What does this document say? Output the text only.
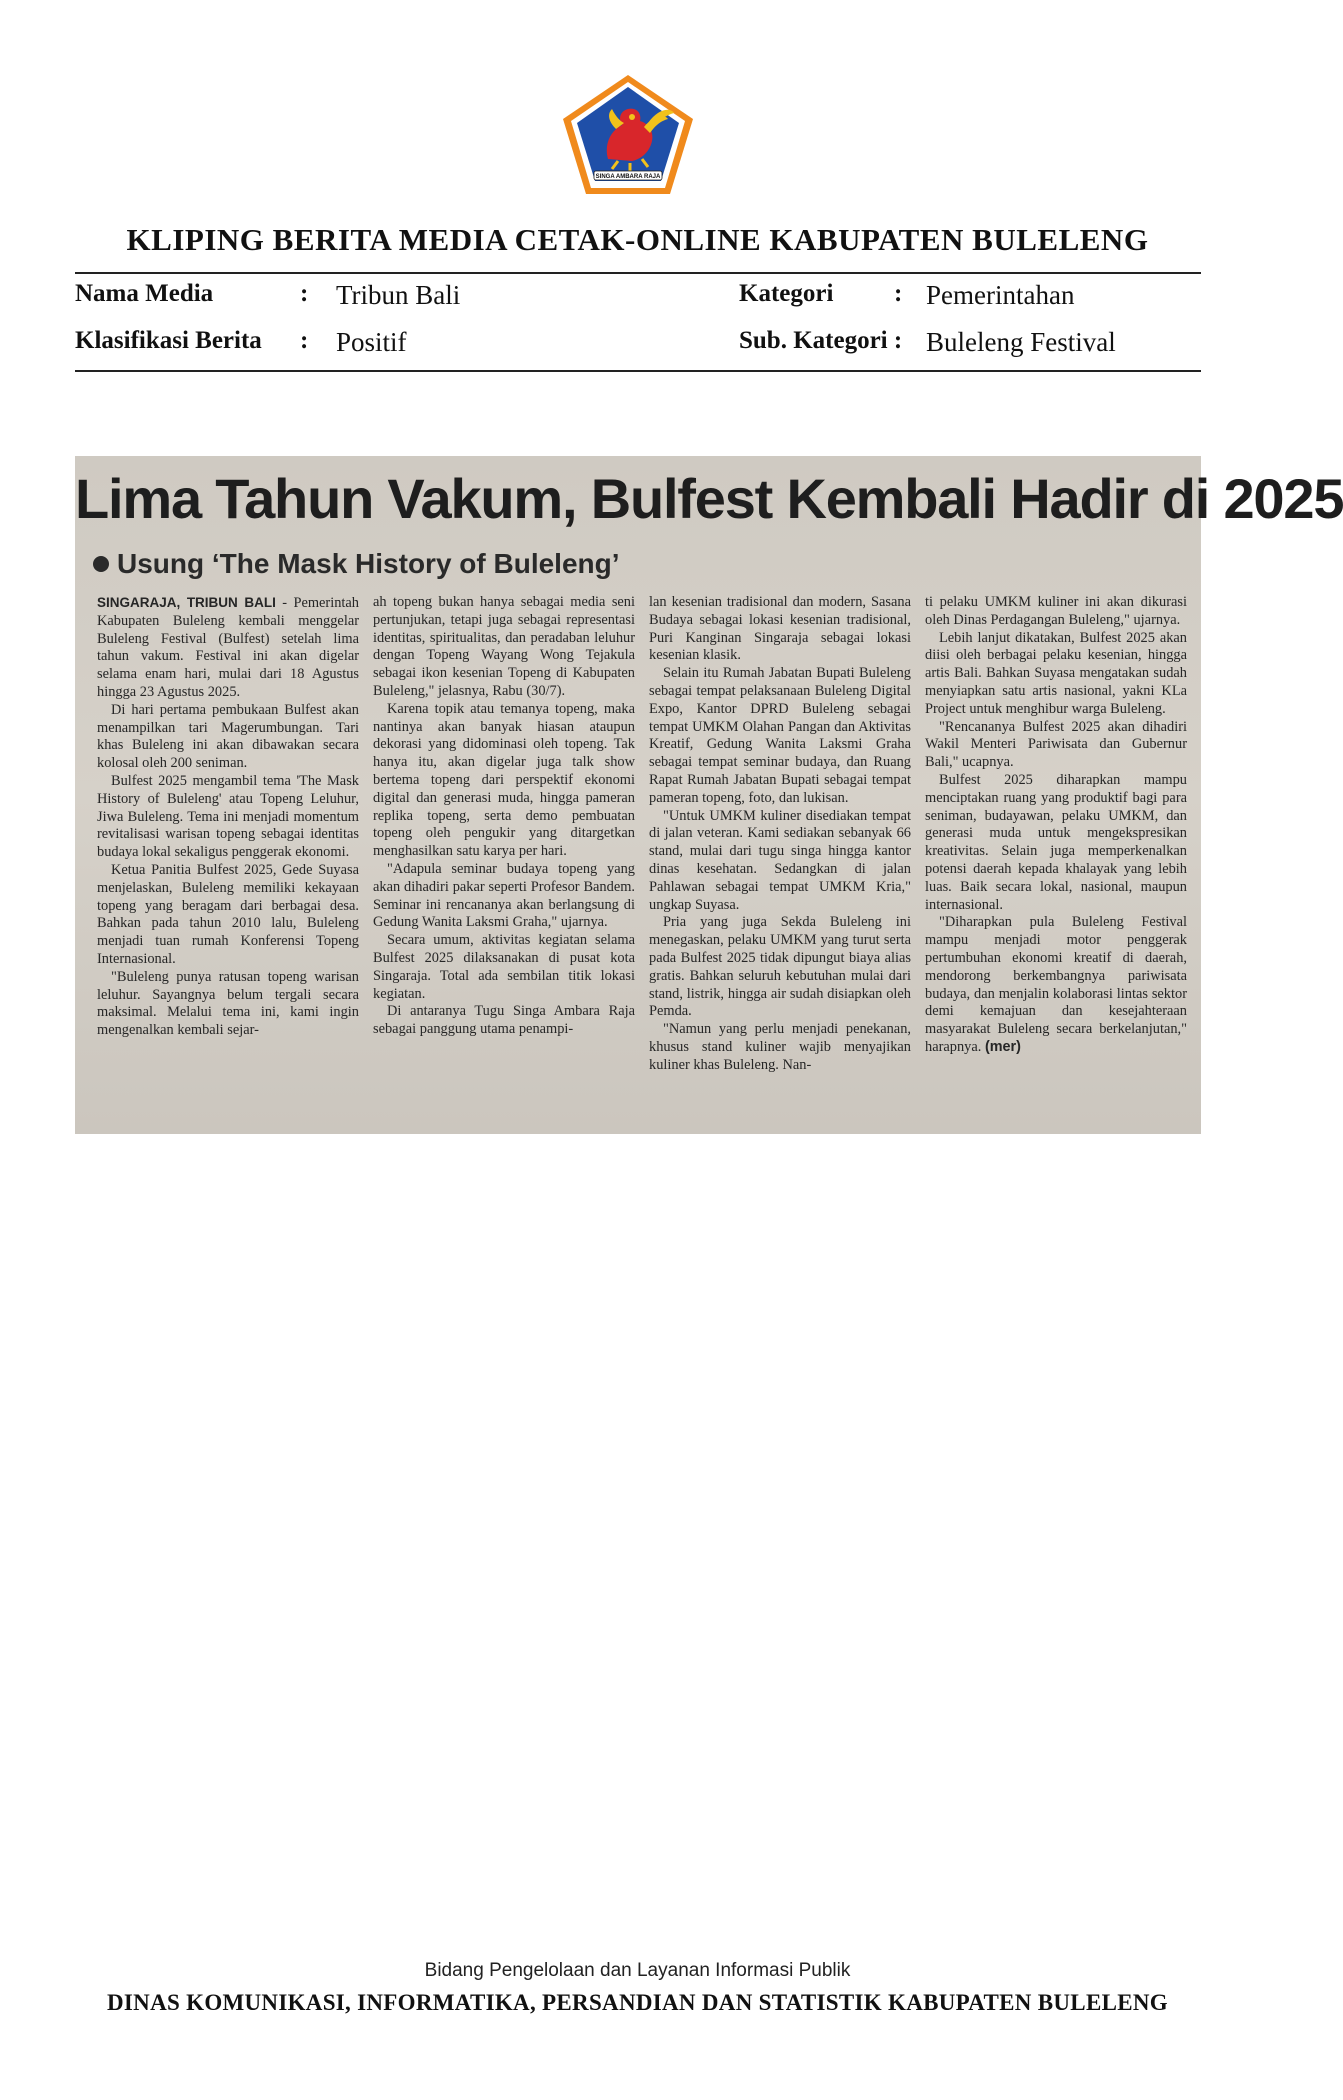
SINGA AMBARA RAJA
KLIPING BERITA MEDIA CETAK-ONLINE KABUPATEN BULELENG
Nama Media	: Tribun Bali
Klasifikasi Berita : Positif
Kategori : Pemerintahan
Sub. Kategori : Buleleng Festival
Lima Tahun Vakum, Bulfest Kembali Hadir di 2025
Usung ‘The Mask History of Buleleng’

SINGARAJA, TRIBUN BALI - Pemerintah Kabupaten Buleleng kembali menggelar Buleleng Festival (Bulfest) setelah lima tahun vakum. Festival ini akan digelar selama enam hari, mulai dari 18 Agustus hingga 23 Agustus 2025.

Di hari pertama pembukaan Bulfest akan menampilkan tari Magerumbungan. Tari khas Buleleng ini akan dibawakan secara kolosal oleh 200 seniman.

Bulfest 2025 mengambil tema 'The Mask History of Buleleng' atau Topeng Leluhur, Jiwa Buleleng. Tema ini menjadi momentum revitalisasi warisan topeng sebagai identitas budaya lokal sekaligus penggerak ekonomi.

Ketua Panitia Bulfest 2025, Gede Suyasa menjelaskan, Buleleng memiliki kekayaan topeng yang beragam dari berbagai desa. Bahkan pada tahun 2010 lalu, Buleleng menjadi tuan rumah Konferensi Topeng Internasional.

"Buleleng punya ratusan topeng warisan leluhur. Sayangnya belum tergali secara maksimal. Melalui tema ini, kami ingin mengenalkan kembali sejar-

ah topeng bukan hanya sebagai media seni pertunjukan, tetapi juga sebagai representasi identitas, spiritualitas, dan peradaban leluhur dengan Topeng Wayang Wong Tejakula sebagai ikon kesenian Topeng di Kabupaten Buleleng," jelasnya, Rabu (30/7).

Karena topik atau temanya topeng, maka nantinya akan banyak hiasan ataupun dekorasi yang didominasi oleh topeng. Tak hanya itu, akan digelar juga talk show bertema topeng dari perspektif ekonomi digital dan generasi muda, hingga pameran replika topeng, serta demo pembuatan topeng oleh pengukir yang ditargetkan menghasilkan satu karya per hari.

"Adapula seminar budaya topeng yang akan dihadiri pakar seperti Profesor Bandem. Seminar ini rencananya akan berlangsung di Gedung Wanita Laksmi Graha," ujarnya.

Secara umum, aktivitas kegiatan selama Bulfest 2025 dilaksanakan di pusat kota Singaraja. Total ada sembilan titik lokasi kegiatan.

Di antaranya Tugu Singa Ambara Raja sebagai panggung utama penampi-

lan kesenian tradisional dan modern, Sasana Budaya sebagai lokasi kesenian tradisional, Puri Kanginan Singaraja sebagai lokasi kesenian klasik.

Selain itu Rumah Jabatan Bupati Buleleng sebagai tempat pelaksanaan Buleleng Digital Expo, Kantor DPRD Buleleng sebagai tempat UMKM Olahan Pangan dan Aktivitas Kreatif, Gedung Wanita Laksmi Graha sebagai tempat seminar budaya, dan Ruang Rapat Rumah Jabatan Bupati sebagai tempat pameran topeng, foto, dan lukisan.

"Untuk UMKM kuliner disediakan tempat di jalan veteran. Kami sediakan sebanyak 66 stand, mulai dari tugu singa hingga kantor dinas kesehatan. Sedangkan di jalan Pahlawan sebagai tempat UMKM Kria," ungkap Suyasa.

Pria yang juga Sekda Buleleng ini menegaskan, pelaku UMKM yang turut serta pada Bulfest 2025 tidak dipungut biaya alias gratis. Bahkan seluruh kebutuhan mulai dari stand, listrik, hingga air sudah disiapkan oleh Pemda.

"Namun yang perlu menjadi penekanan, khusus stand kuliner wajib menyajikan kuliner khas Buleleng. Nan-

ti pelaku UMKM kuliner ini akan dikurasi oleh Dinas Perdagangan Buleleng," ujarnya.

Lebih lanjut dikatakan, Bulfest 2025 akan diisi oleh berbagai pelaku kesenian, hingga artis Bali. Bahkan Suyasa mengatakan sudah menyiapkan satu artis nasional, yakni KLa Project untuk menghibur warga Buleleng.

"Rencananya Bulfest 2025 akan dihadiri Wakil Menteri Pariwisata dan Gubernur Bali," ucapnya.

Bulfest 2025 diharapkan mampu menciptakan ruang yang produktif bagi para seniman, budayawan, pelaku UMKM, dan generasi muda untuk mengekspresikan kreativitas. Selain juga memperkenalkan potensi daerah kepada khalayak yang lebih luas. Baik secara lokal, nasional, maupun internasional.

"Diharapkan pula Buleleng Festival mampu menjadi motor penggerak pertumbuhan ekonomi kreatif di daerah, mendorong berkembangnya pariwisata budaya, dan menjalin kolaborasi lintas sektor demi kemajuan dan kesejahteraan masyarakat Buleleng secara berkelanjutan," harapnya. (mer)

Bidang Pengelolaan dan Layanan Informasi Publik
DINAS KOMUNIKASI, INFORMATIKA, PERSANDIAN DAN STATISTIK KABUPATEN BULELENG
